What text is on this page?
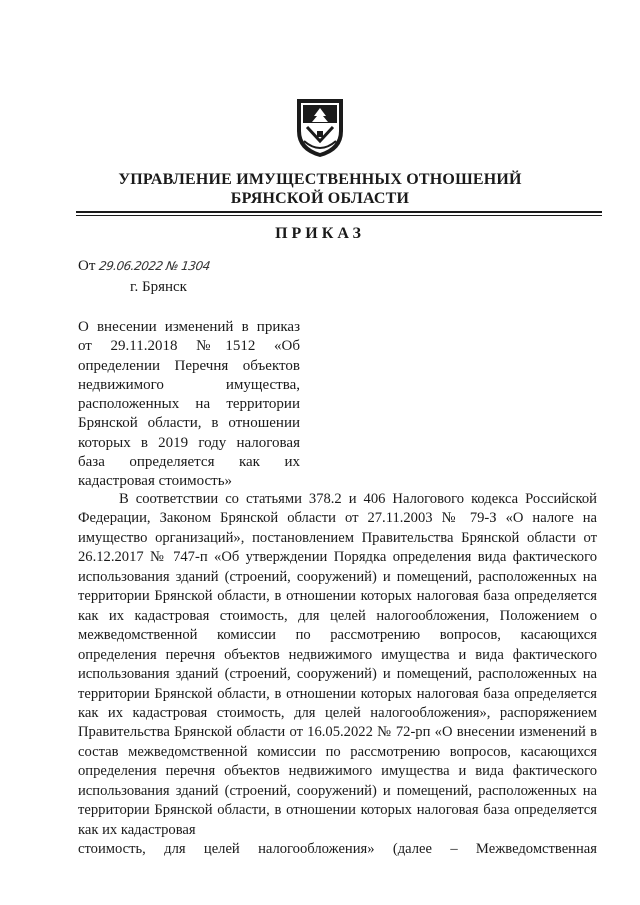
УПРАВЛЕНИЕ ИМУЩЕСТВЕННЫХ ОТНОШЕНИЙ
БРЯНСКОЙ ОБЛАСТИ
ПРИКАЗ
От 29.06.2022 № 1304
г. Брянск
О внесении изменений в приказ от 29.11.2018 №1512 «Об определении Перечня объектов недвижимого имущества, расположенных на территории Брянской области, в отношении которых в 2019 году налоговая база определяется как их кадастровая стоимость»
В соответствии со статьями 378.2 и 406 Налогового кодекса Российской Федерации, Законом Брянской области от 27.11.2003 № 79-З «О налоге на имущество организаций», постановлением Правительства Брянской области от 26.12.2017 № 747-п «Об утверждении Порядка определения вида фактического использования зданий (строений, сооружений) и помещений, расположенных на территории Брянской области, в отношении которых налоговая база определяется как их кадастровая стоимость, для целей налогообложения, Положением о межведомственной комиссии по рассмотрению вопросов, касающихся определения перечня объектов недвижимого имущества и вида фактического использования зданий (строений, сооружений) и помещений, расположенных на территории Брянской области, в отношении которых налоговая база определяется как их кадастровая стоимость, для целей налогообложения», распоряжением Правительства Брянской области от 16.05.2022 № 72-рп «О внесении изменений в состав межведомственной комиссии по рассмотрению вопросов, касающихся определения перечня объектов недвижимого имущества и вида фактического использования зданий (строений, сооружений) и помещений, расположенных на территории Брянской области, в отношении которых налоговая база определяется как их кадастровая
стоимость, для целей налогообложения» (далее – Межведомственная
